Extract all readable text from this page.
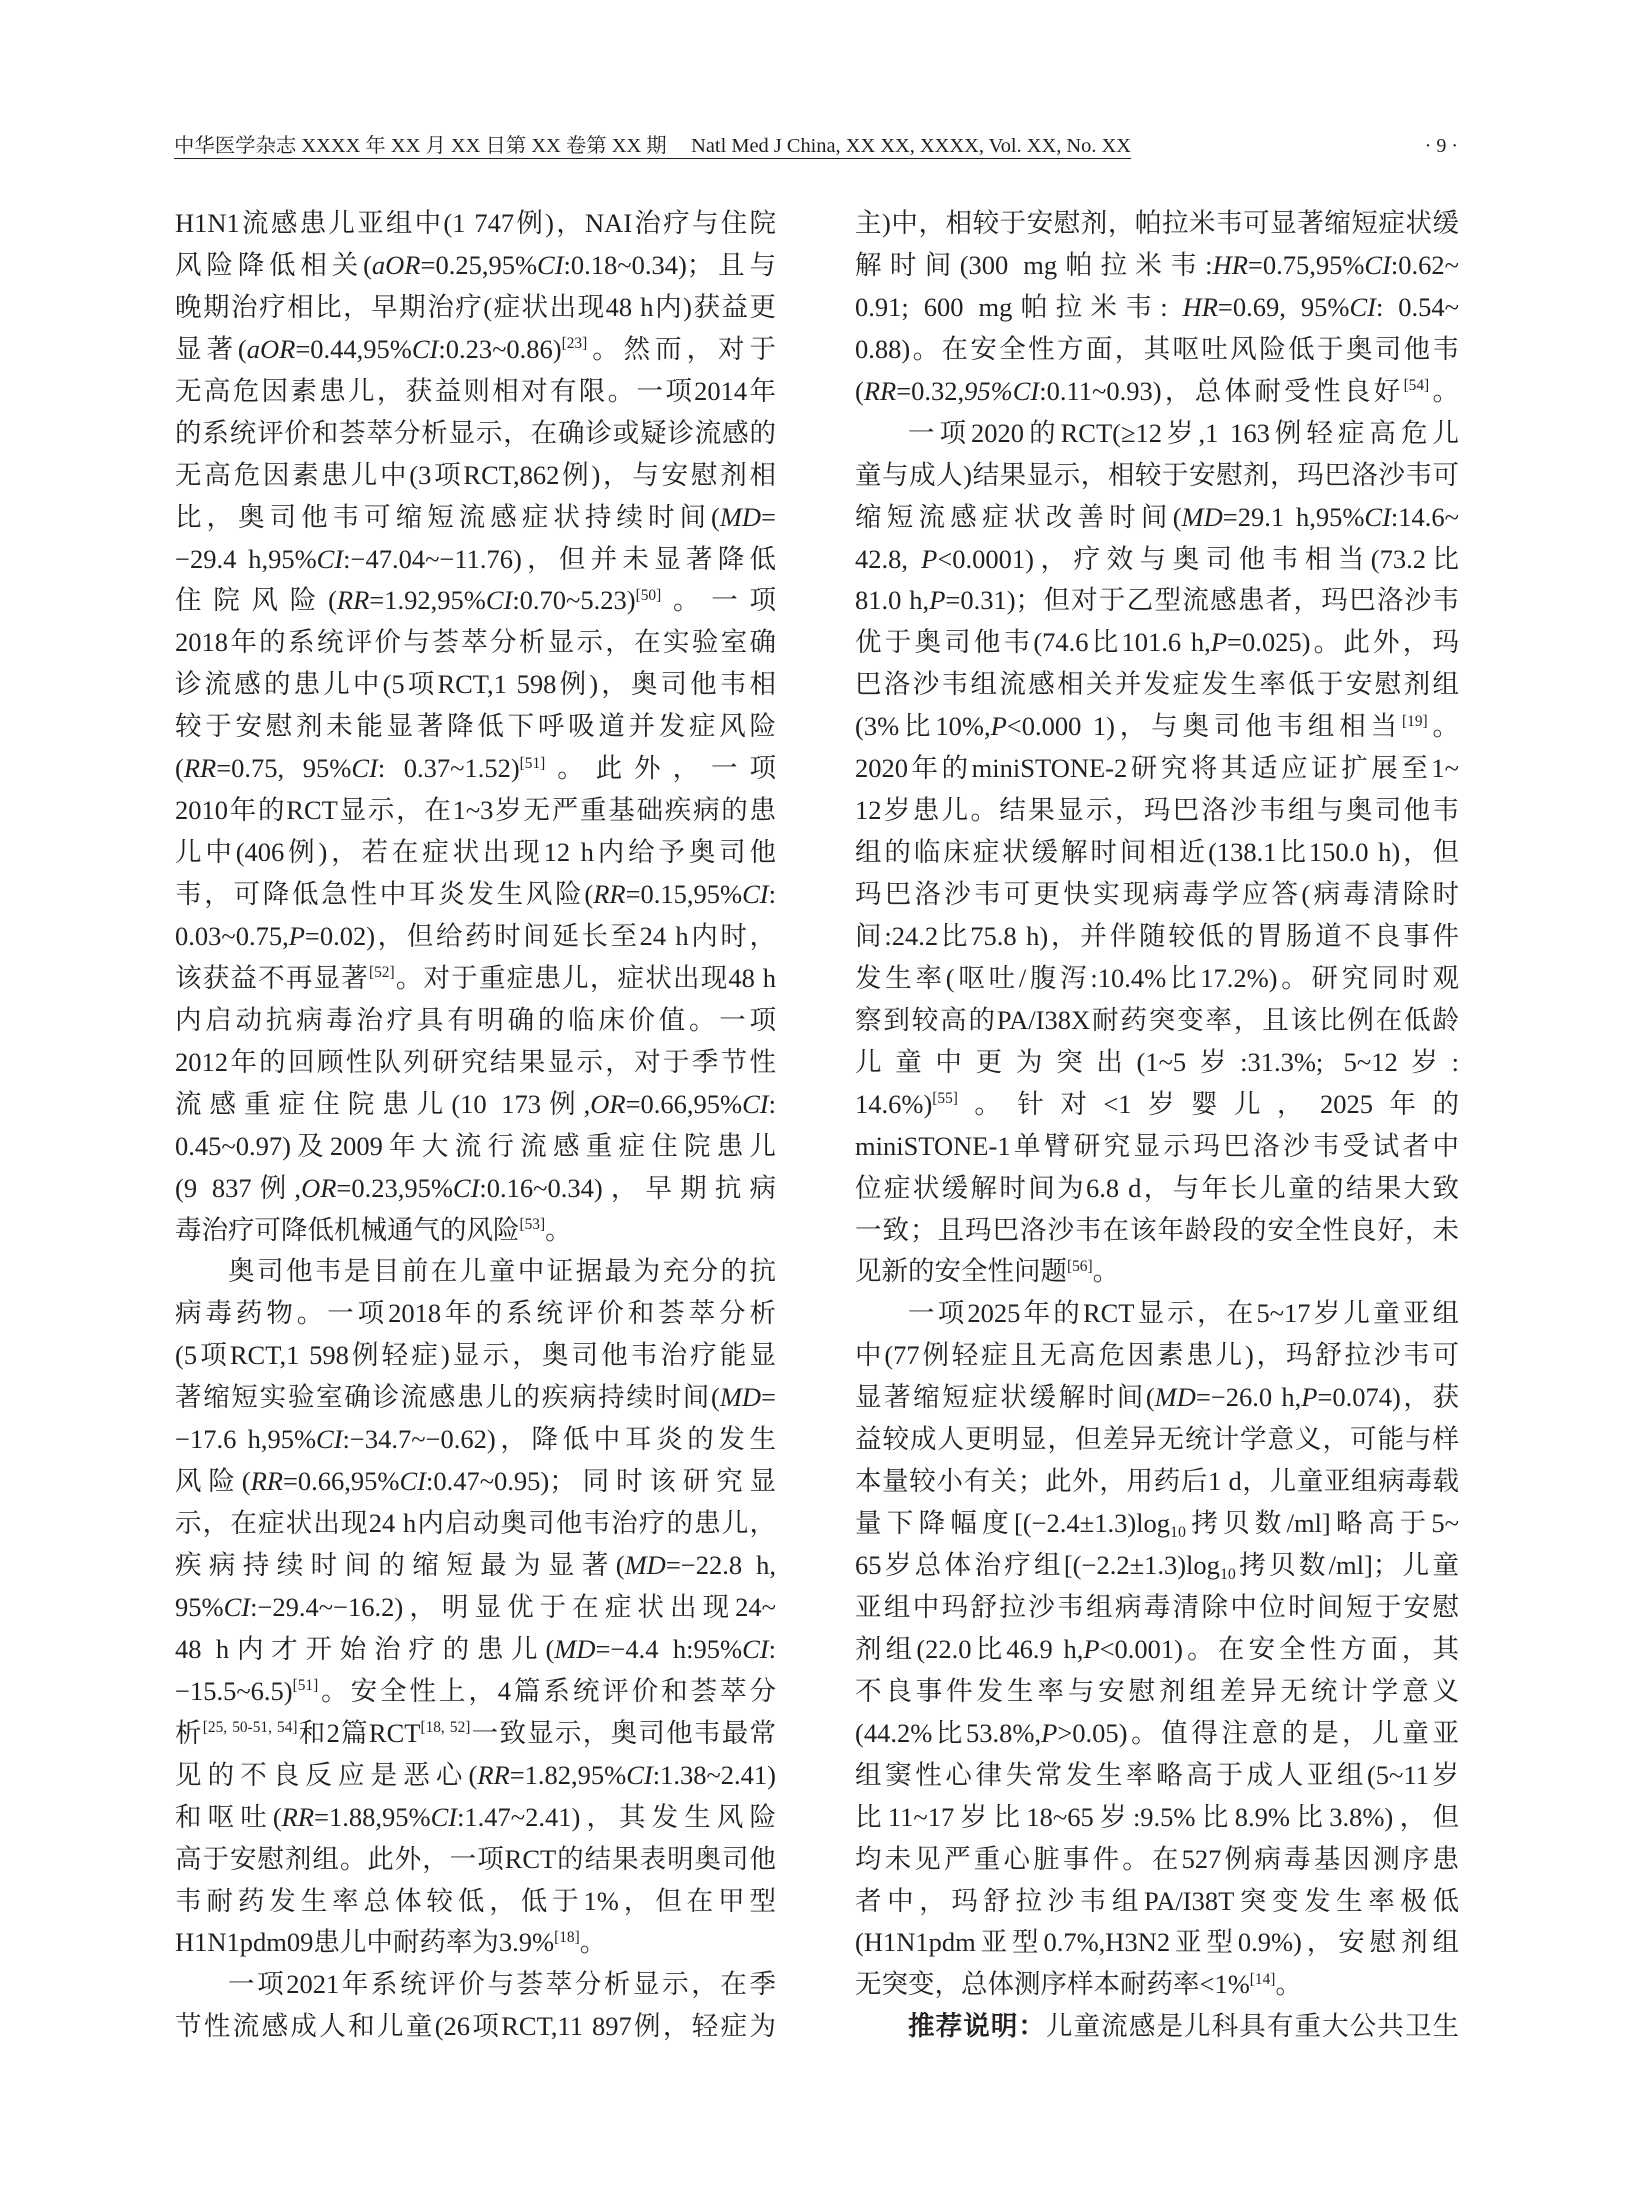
中华医学杂志 XXXX 年 XX 月 XX 日第 XX 卷第 XX 期 Natl Med J China, XX XX, XXXX, Vol. XX, No. XX	· 9 ·
H1N1流感患儿亚组中(1 747例)，NAI治疗与住院
风险降低相关(aOR=0.25,95%CI:0.18~0.34)；且与
晚期治疗相比，早期治疗(症状出现48 h内)获益更
显著(aOR=0.44,95%CI:0.23~0.86)[23]。然而，对于
无高危因素患儿，获益则相对有限。一项2014年
的系统评价和荟萃分析显示，在确诊或疑诊流感的
无高危因素患儿中(3项RCT,862例)，与安慰剂相
比，奥司他韦可缩短流感症状持续时间(MD=
−29.4 h,95%CI:−47.04~−11.76)，但并未显著降低
住院风险(RR=1.92,95%CI:0.70~5.23)[50]。一项
2018年的系统评价与荟萃分析显示，在实验室确
诊流感的患儿中(5项RCT,1 598例)，奥司他韦相
较于安慰剂未能显著降低下呼吸道并发症风险
(RR=0.75, 95%CI: 0.37~1.52)[51]。此外，一项
2010年的RCT显示，在1~3岁无严重基础疾病的患
儿中(406例)，若在症状出现12 h内给予奥司他
韦，可降低急性中耳炎发生风险(RR=0.15,95%CI:
0.03~0.75,P=0.02)，但给药时间延长至24 h内时，
该获益不再显著[52]。对于重症患儿，症状出现48 h
内启动抗病毒治疗具有明确的临床价值。一项
2012年的回顾性队列研究结果显示，对于季节性
流感重症住院患儿(10 173例,OR=0.66,95%CI:
0.45~0.97)及2009年大流行流感重症住院患儿
(9 837例,OR=0.23,95%CI:0.16~0.34)，早期抗病
毒治疗可降低机械通气的风险[53]。
奥司他韦是目前在儿童中证据最为充分的抗
病毒药物。一项2018年的系统评价和荟萃分析
(5项RCT,1 598例轻症)显示，奥司他韦治疗能显
著缩短实验室确诊流感患儿的疾病持续时间(MD=
−17.6 h,95%CI:−34.7~−0.62)，降低中耳炎的发生
风险(RR=0.66,95%CI:0.47~0.95)；同时该研究显
示，在症状出现24 h内启动奥司他韦治疗的患儿，
疾病持续时间的缩短最为显著(MD=−22.8 h,
95%CI:−29.4~−16.2)，明显优于在症状出现24~
48 h内才开始治疗的患儿(MD=−4.4 h:95%CI:
−15.5~6.5)[51]。安全性上，4篇系统评价和荟萃分
析[25, 50-51, 54]和2篇RCT[18, 52]一致显示，奥司他韦最常
见的不良反应是恶心(RR=1.82,95%CI:1.38~2.41)
和呕吐(RR=1.88,95%CI:1.47~2.41)，其发生风险
高于安慰剂组。此外，一项RCT的结果表明奥司他
韦耐药发生率总体较低，低于1%，但在甲型
H1N1pdm09患儿中耐药率为3.9%[18]。
一项2021年系统评价与荟萃分析显示，在季
节性流感成人和儿童(26项RCT,11 897例，轻症为
主)中，相较于安慰剂，帕拉米韦可显著缩短症状缓
解时间(300 mg帕拉米韦:HR=0.75,95%CI:0.62~
0.91; 600 mg帕拉米韦: HR=0.69, 95%CI: 0.54~
0.88)。在安全性方面，其呕吐风险低于奥司他韦
(RR=0.32,95%CI:0.11~0.93)，总体耐受性良好[54]。
一项2020的RCT(≥12岁,1 163例轻症高危儿
童与成人)结果显示，相较于安慰剂，玛巴洛沙韦可
缩短流感症状改善时间(MD=29.1 h,95%CI:14.6~
42.8, P<0.0001)，疗效与奥司他韦相当(73.2比
81.0 h,P=0.31)；但对于乙型流感患者，玛巴洛沙韦
优于奥司他韦(74.6比101.6 h,P=0.025)。此外，玛
巴洛沙韦组流感相关并发症发生率低于安慰剂组
(3%比10%,P<0.000 1)，与奥司他韦组相当[19]。
2020年的miniSTONE-2研究将其适应证扩展至1~
12岁患儿。结果显示，玛巴洛沙韦组与奥司他韦
组的临床症状缓解时间相近(138.1比150.0 h)，但
玛巴洛沙韦可更快实现病毒学应答(病毒清除时
间:24.2比75.8 h)，并伴随较低的胃肠道不良事件
发生率(呕吐/腹泻:10.4%比17.2%)。研究同时观
察到较高的PA/I38X耐药突变率，且该比例在低龄
儿童中更为突出(1~5岁:31.3%; 5~12岁:
14.6%)[55]。针对<1岁婴儿，2025年的
miniSTONE-1单臂研究显示玛巴洛沙韦受试者中
位症状缓解时间为6.8 d，与年长儿童的结果大致
一致；且玛巴洛沙韦在该年龄段的安全性良好，未
见新的安全性问题[56]。
一项2025年的RCT显示，在5~17岁儿童亚组
中(77例轻症且无高危因素患儿)，玛舒拉沙韦可
显著缩短症状缓解时间(MD=−26.0 h,P=0.074)，获
益较成人更明显，但差异无统计学意义，可能与样
本量较小有关；此外，用药后1 d，儿童亚组病毒载
量下降幅度[(−2.4±1.3)log10拷贝数/ml]略高于5~
65岁总体治疗组[(−2.2±1.3)log10拷贝数/ml]；儿童
亚组中玛舒拉沙韦组病毒清除中位时间短于安慰
剂组(22.0比46.9 h,P<0.001)。在安全性方面，其
不良事件发生率与安慰剂组差异无统计学意义
(44.2%比53.8%,P>0.05)。值得注意的是，儿童亚
组窦性心律失常发生率略高于成人亚组(5~11岁
比11~17岁比18~65岁:9.5%比8.9%比3.8%)，但
均未见严重心脏事件。在527例病毒基因测序患
者中，玛舒拉沙韦组PA/I38T突变发生率极低
(H1N1pdm亚型0.7%,H3N2亚型0.9%)，安慰剂组
无突变，总体测序样本耐药率<1%[14]。
推荐说明：儿童流感是儿科具有重大公共卫生
